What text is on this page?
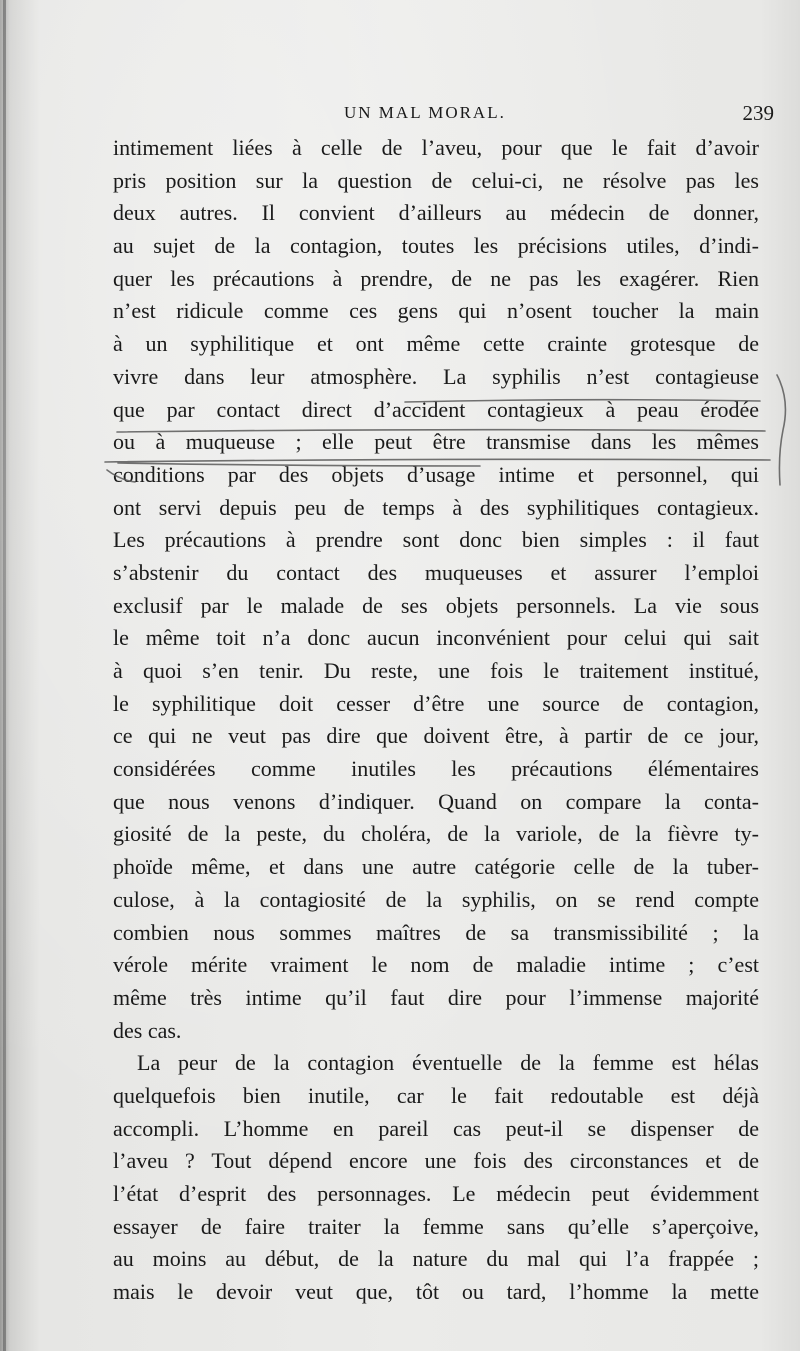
UN MAL MORAL.	239
intimement liées à celle de l’aveu, pour que le fait d’avoir
pris position sur la question de celui-ci, ne résolve pas les
deux autres. Il convient d’ailleurs au médecin de donner,
au sujet de la contagion, toutes les précisions utiles, d’indi-
quer les précautions à prendre, de ne pas les exagérer. Rien
n’est ridicule comme ces gens qui n’osent toucher la main
à un syphilitique et ont même cette crainte grotesque de
vivre dans leur atmosphère. La syphilis n’est contagieuse
que par contact direct d’accident contagieux à peau érodée
ou à muqueuse ; elle peut être transmise dans les mêmes
conditions par des objets d’usage intime et personnel, qui
ont servi depuis peu de temps à des syphilitiques contagieux.
Les précautions à prendre sont donc bien simples : il faut
s’abstenir du contact des muqueuses et assurer l’emploi
exclusif par le malade de ses objets personnels. La vie sous
le même toit n’a donc aucun inconvénient pour celui qui sait
à quoi s’en tenir. Du reste, une fois le traitement institué,
le syphilitique doit cesser d’être une source de contagion,
ce qui ne veut pas dire que doivent être, à partir de ce jour,
considérées comme inutiles les précautions élémentaires
que nous venons d’indiquer. Quand on compare la conta-
giosité de la peste, du choléra, de la variole, de la fièvre ty-
phoïde même, et dans une autre catégorie celle de la tuber-
culose, à la contagiosité de la syphilis, on se rend compte
combien nous sommes maîtres de sa transmissibilité ; la
vérole mérite vraiment le nom de maladie intime ; c’est
même très intime qu’il faut dire pour l’immense majorité
des cas.
La peur de la contagion éventuelle de la femme est hélas
quelquefois bien inutile, car le fait redoutable est déjà
accompli. L’homme en pareil cas peut-il se dispenser de
l’aveu ? Tout dépend encore une fois des circonstances et de
l’état d’esprit des personnages. Le médecin peut évidemment
essayer de faire traiter la femme sans qu’elle s’aperçoive,
au moins au début, de la nature du mal qui l’a frappée ;
mais le devoir veut que, tôt ou tard, l’homme la mette
